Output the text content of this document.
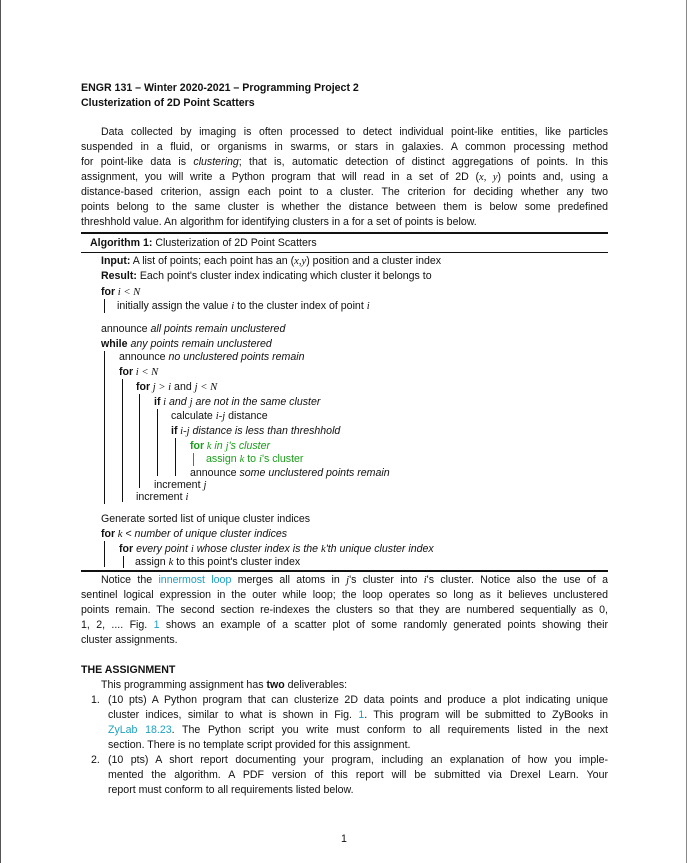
ENGR 131 – Winter 2020-2021 – Programming Project 2
Clusterization of 2D Point Scatters
Data collected by imaging is often processed to detect individual point-like entities, like particles
suspended in a fluid, or organisms in swarms, or stars in galaxies. A common processing method
for point-like data is clustering; that is, automatic detection of distinct aggregations of points. In this
assignment, you will write a Python program that will read in a set of 2D (x, y) points and, using a
distance-based criterion, assign each point to a cluster. The criterion for deciding whether any two
points belong to the same cluster is whether the distance between them is below some predefined
threshhold value. An algorithm for identifying clusters in a for a set of points is below.
Algorithm 1: Clusterization of 2D Point Scatters
Input: A list of points; each point has an (x,y) position and a cluster index
Result: Each point's cluster index indicating which cluster it belongs to
for i < N
initially assign the value i to the cluster index of point i
announce all points remain unclustered
while any points remain unclustered
announce no unclustered points remain
for i < N
for j > i and j < N
if i and j are not in the same cluster
calculate i-j distance
if i-j distance is less than threshhold
for k in j's cluster
assign k to i's cluster
announce some unclustered points remain
increment j
increment i
Generate sorted list of unique cluster indices
for k < number of unique cluster indices
for every point i whose cluster index is the k'th unique cluster index
assign k to this point's cluster index
Notice the innermost loop merges all atoms in j's cluster into i's cluster. Notice also the use of a
sentinel logical expression in the outer while loop; the loop operates so long as it believes unclustered
points remain. The second section re-indexes the clusters so that they are numbered sequentially as 0,
1, 2, .... Fig. 1 shows an example of a scatter plot of some randomly generated points showing their
cluster assignments.
THE ASSIGNMENT
This programming assignment has two deliverables:
1. (10 pts) A Python program that can clusterize 2D data points and produce a plot indicating unique
cluster indices, similar to what is shown in Fig. 1. This program will be submitted to ZyBooks in
ZyLab 18.23. The Python script you write must conform to all requirements listed in the next
section. There is no template script provided for this assignment.
2. (10 pts) A short report documenting your program, including an explanation of how you imple-
mented the algorithm. A PDF version of this report will be submitted via Drexel Learn. Your
report must conform to all requirements listed below.
1
